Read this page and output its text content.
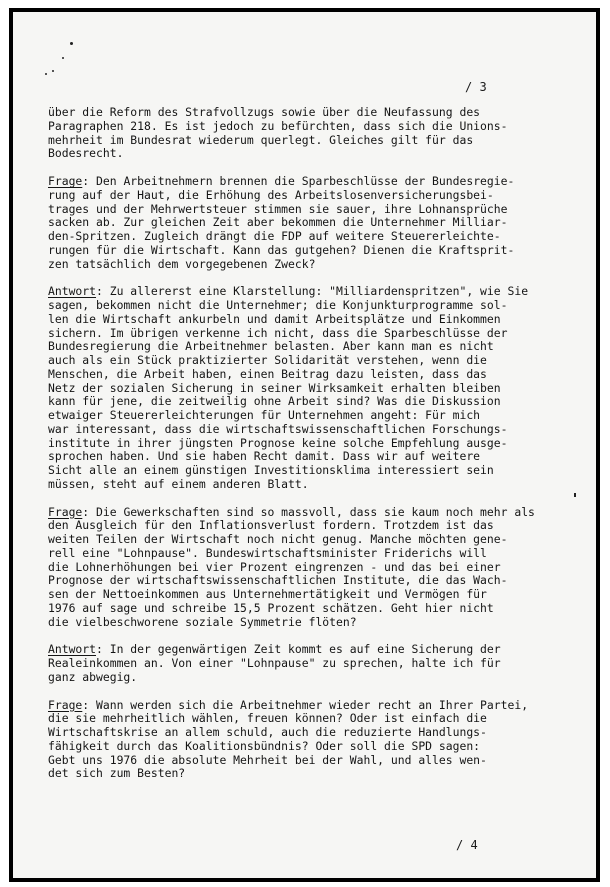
/ 3
über die Reform des Strafvollzugs sowie über die Neufassung des
Paragraphen 218. Es ist jedoch zu befürchten, dass sich die Unions-
mehrheit im Bundesrat wiederum querlegt. Gleiches gilt für das
Bodesrecht.
Frage: Den Arbeitnehmern brennen die Sparbeschlüsse der Bundesregie-
rung auf der Haut, die Erhöhung des Arbeitslosenversicherungsbei-
trages und der Mehrwertsteuer stimmen sie sauer, ihre Lohnansprüche
sacken ab. Zur gleichen Zeit aber bekommen die Unternehmer Milliar-
den-Spritzen. Zugleich drängt die FDP auf weitere Steuererleichte-
rungen für die Wirtschaft. Kann das gutgehen? Dienen die Kraftsprit-
zen tatsächlich dem vorgegebenen Zweck?
Antwort: Zu allererst eine Klarstellung: "Milliardenspritzen", wie Sie
sagen, bekommen nicht die Unternehmer; die Konjunkturprogramme sol-
len die Wirtschaft ankurbeln und damit Arbeitsplätze und Einkommen
sichern. Im übrigen verkenne ich nicht, dass die Sparbeschlüsse der
Bundesregierung die Arbeitnehmer belasten. Aber kann man es nicht
auch als ein Stück praktizierter Solidarität verstehen, wenn die
Menschen, die Arbeit haben, einen Beitrag dazu leisten, dass das
Netz der sozialen Sicherung in seiner Wirksamkeit erhalten bleiben
kann für jene, die zeitweilig ohne Arbeit sind? Was die Diskussion
etwaiger Steuererleichterungen für Unternehmen angeht: Für mich
war interessant, dass die wirtschaftswissenschaftlichen Forschungs-
institute in ihrer jüngsten Prognose keine solche Empfehlung ausge-
sprochen haben. Und sie haben Recht damit. Dass wir auf weitere
Sicht alle an einem günstigen Investitionsklima interessiert sein
müssen, steht auf einem anderen Blatt.
Frage: Die Gewerkschaften sind so massvoll, dass sie kaum noch mehr als
den Ausgleich für den Inflationsverlust fordern. Trotzdem ist das
weiten Teilen der Wirtschaft noch nicht genug. Manche möchten gene-
rell eine "Lohnpause". Bundeswirtschaftsminister Friderichs will
die Lohnerhöhungen bei vier Prozent eingrenzen - und das bei einer
Prognose der wirtschaftswissenschaftlichen Institute, die das Wach-
sen der Nettoeinkommen aus Unternehmertätigkeit und Vermögen für
1976 auf sage und schreibe 15,5 Prozent schätzen. Geht hier nicht
die vielbeschworene soziale Symmetrie flöten?
Antwort: In der gegenwärtigen Zeit kommt es auf eine Sicherung der
Realeinkommen an. Von einer "Lohnpause" zu sprechen, halte ich für
ganz abwegig.
Frage: Wann werden sich die Arbeitnehmer wieder recht an Ihrer Partei,
die sie mehrheitlich wählen, freuen können? Oder ist einfach die
Wirtschaftskrise an allem schuld, auch die reduzierte Handlungs-
fähigkeit durch das Koalitionsbündnis? Oder soll die SPD sagen:
Gebt uns 1976 die absolute Mehrheit bei der Wahl, und alles wen-
det sich zum Besten?
/ 4
